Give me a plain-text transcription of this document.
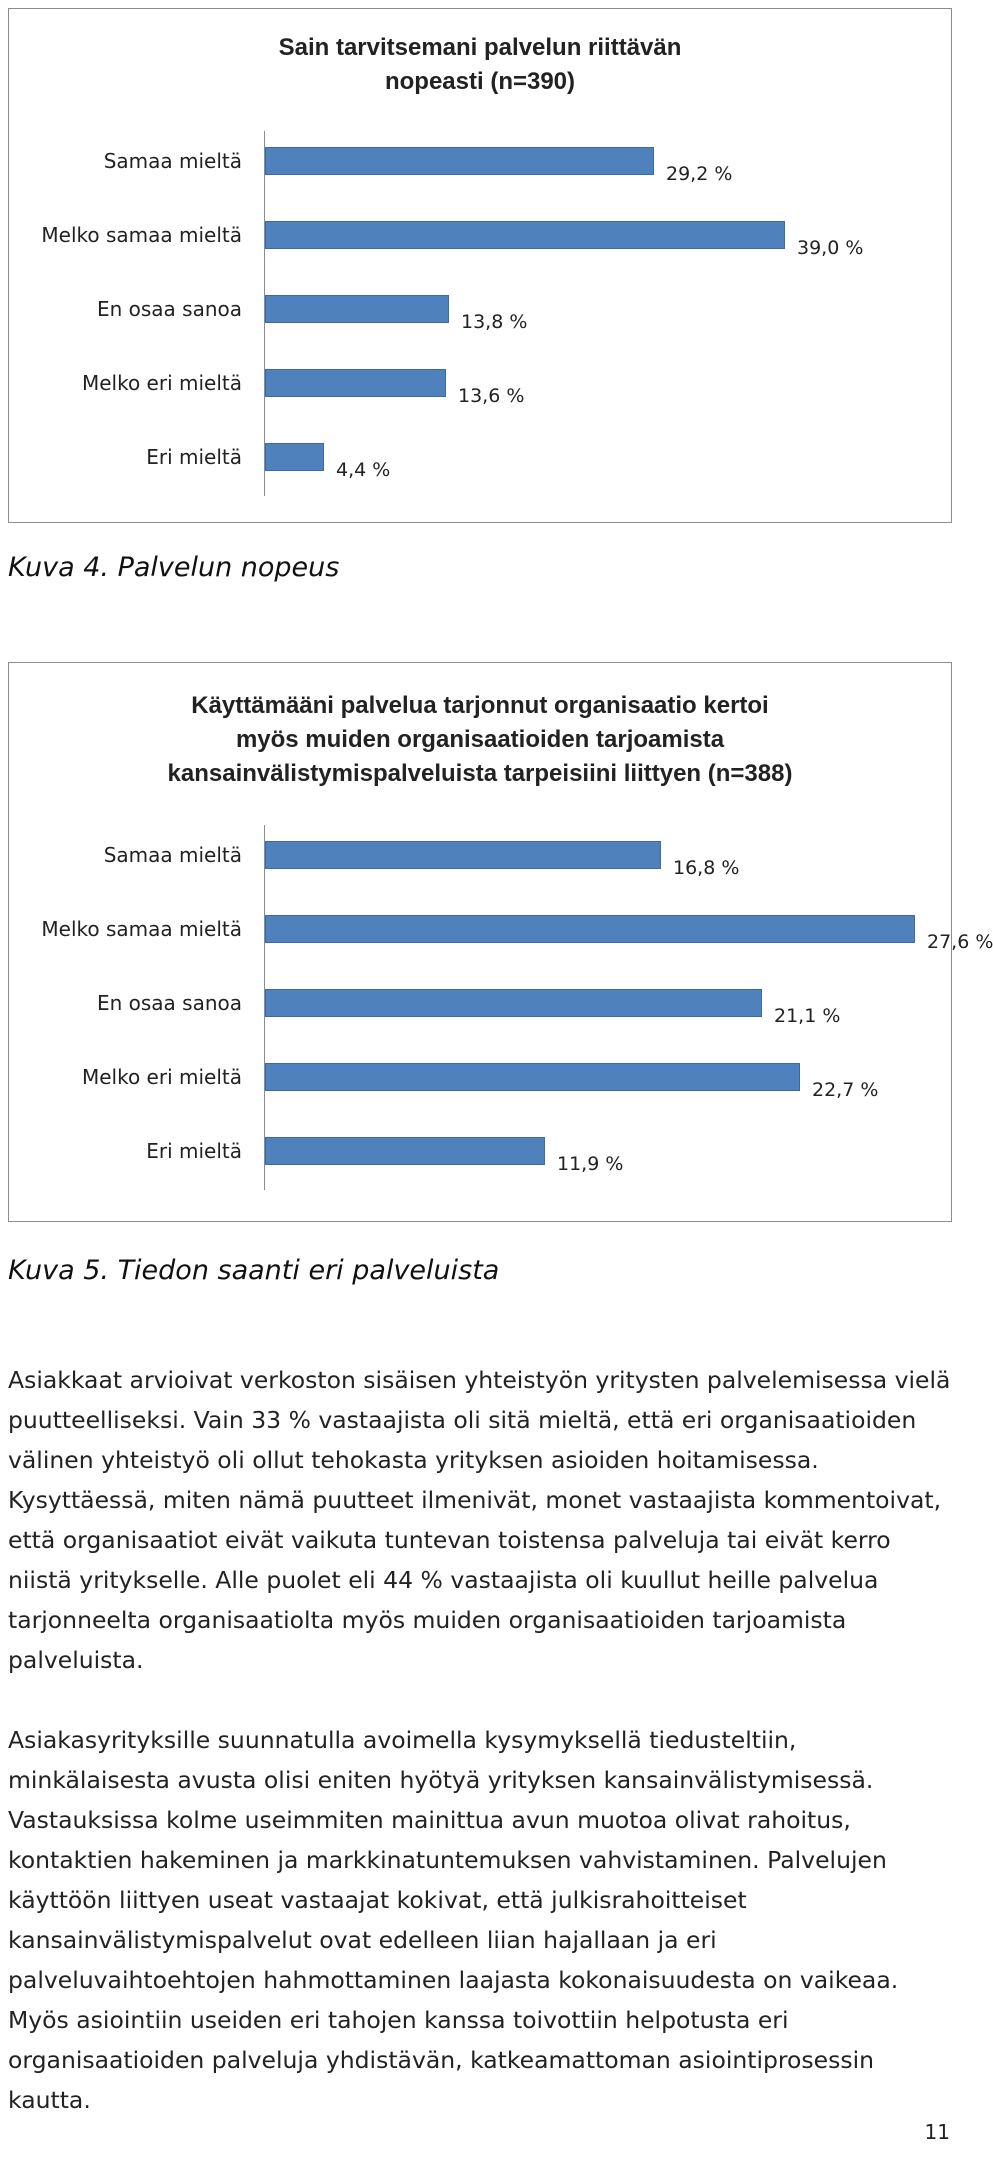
Sain tarvitsemani palvelun riittävän
nopeasti (n=390)
Samaa mieltä
29,2 %
Melko samaa mieltä
39,0 %
En osaa sanoa
13,8 %
Melko eri mieltä
13,6 %
Eri mieltä
4,4 %
Kuva 4. Palvelun nopeus
Käyttämääni palvelua tarjonnut organisaatio kertoi
myös muiden organisaatioiden tarjoamista
kansainvälistymispalveluista tarpeisiini liittyen (n=388)
Samaa mieltä
16,8 %
Melko samaa mieltä
27,6 %
En osaa sanoa
21,1 %
Melko eri mieltä
22,7 %
Eri mieltä
11,9 %
Kuva 5. Tiedon saanti eri palveluista

Asiakkaat arvioivat verkoston sisäisen yhteistyön yritysten palvelemisessa vielä puutteelliseksi. Vain 33 % vastaajista oli sitä mieltä, että eri organisaatioiden välinen yhteistyö oli ollut tehokasta yrityksen asioiden hoitamisessa. Kysyttäessä, miten nämä puutteet ilmenivät, monet vastaajista kommentoivat, että organisaatiot eivät vaikuta tuntevan toistensa palveluja tai eivät kerro niistä yritykselle. Alle puolet eli 44 % vastaajista oli kuullut heille palvelua tarjonneelta organisaatiolta myös muiden organisaatioiden tarjoamista palveluista.

Asiakasyrityksille suunnatulla avoimella kysymyksellä tiedusteltiin, minkälaisesta avusta olisi eniten hyötyä yrityksen kansainvälistymisessä. Vastauksissa kolme useimmiten mainittua avun muotoa olivat rahoitus, kontaktien hakeminen ja markkinatuntemuksen vahvistaminen. Palvelujen käyttöön liittyen useat vastaajat kokivat, että julkisrahoitteiset kansainvälistymispalvelut ovat edelleen liian hajallaan ja eri palveluvaihtoehtojen hahmottaminen laajasta kokonaisuudesta on vaikeaa. Myös asiointiin useiden eri tahojen kanssa toivottiin helpotusta eri organisaatioiden palveluja yhdistävän, katkeamattoman asiointiprosessin kautta.

11
